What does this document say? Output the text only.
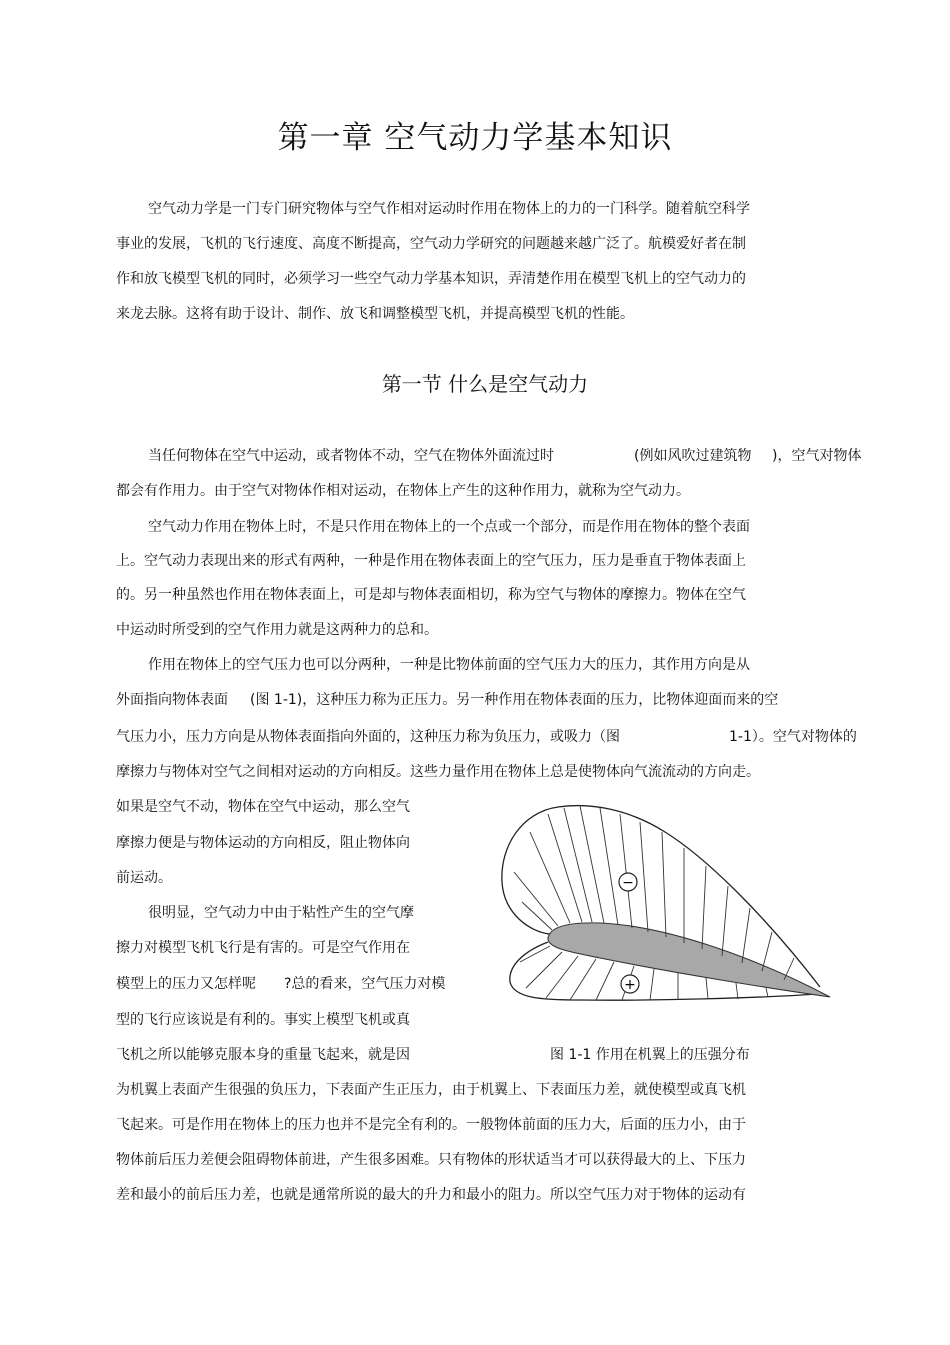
第一章 空气动力学基本知识
空气动力学是一门专门研究物体与空气作相对运动时作用在物体上的力的一门科学。随着航空科学
事业的发展，飞机的飞行速度、高度不断提高，空气动力学研究的问题越来越广泛了。航模爱好者在制
作和放飞模型飞机的同时，必须学习一些空气动力学基本知识，弄清楚作用在模型飞机上的空气动力的
来龙去脉。这将有助于设计、制作、放飞和调整模型飞机，并提高模型飞机的性能。
第一节 什么是空气动力
当任何物体在空气中运动，或者物体不动，空气在物体外面流过时	(例如风吹过建筑物 )，空气对物体
都会有作用力。由于空气对物体作相对运动，在物体上产生的这种作用力，就称为空气动力。
空气动力作用在物体上时，不是只作用在物体上的一个点或一个部分，而是作用在物体的整个表面
上。空气动力表现出来的形式有两种，一种是作用在物体表面上的空气压力，压力是垂直于物体表面上
的。另一种虽然也作用在物体表面上，可是却与物体表面相切，称为空气与物体的摩擦力。物体在空气
中运动时所受到的空气作用力就是这两种力的总和。
作用在物体上的空气压力也可以分两种，一种是比物体前面的空气压力大的压力，其作用方向是从
外面指向物体表面 (图 1-1)，这种压力称为正压力。另一种作用在物体表面的压力，比物体迎面而来的空
气压力小，压力方向是从物体表面指向外面的，这种压力称为负压力，或吸力（图	1-1）。空气对物体的
摩擦力与物体对空气之间相对运动的方向相反。这些力量作用在物体上总是使物体向气流流动的方向走。
如果是空气不动，物体在空气中运动，那么空气
摩擦力便是与物体运动的方向相反，阻止物体向
前运动。
很明显，空气动力中由于粘性产生的空气摩
擦力对模型飞机飞行是有害的。可是空气作用在
模型上的压力又怎样呢 ?总的看来，空气压力对模
型的飞行应该说是有利的。事实上模型飞机或真
飞机之所以能够克服本身的重量飞起来，就是因
为机翼上表面产生很强的负压力，下表面产生正压力，由于机翼上、下表面压力差，就使模型或真飞机
飞起来。可是作用在物体上的压力也并不是完全有利的。一般物体前面的压力大，后面的压力小，由于
物体前后压力差便会阻碍物体前进，产生很多困难。只有物体的形状适当才可以获得最大的上、下压力
差和最小的前后压力差，也就是通常所说的最大的升力和最小的阻力。所以空气压力对于物体的运动有
−
+
图 1-1 作用在机翼上的压强分布
